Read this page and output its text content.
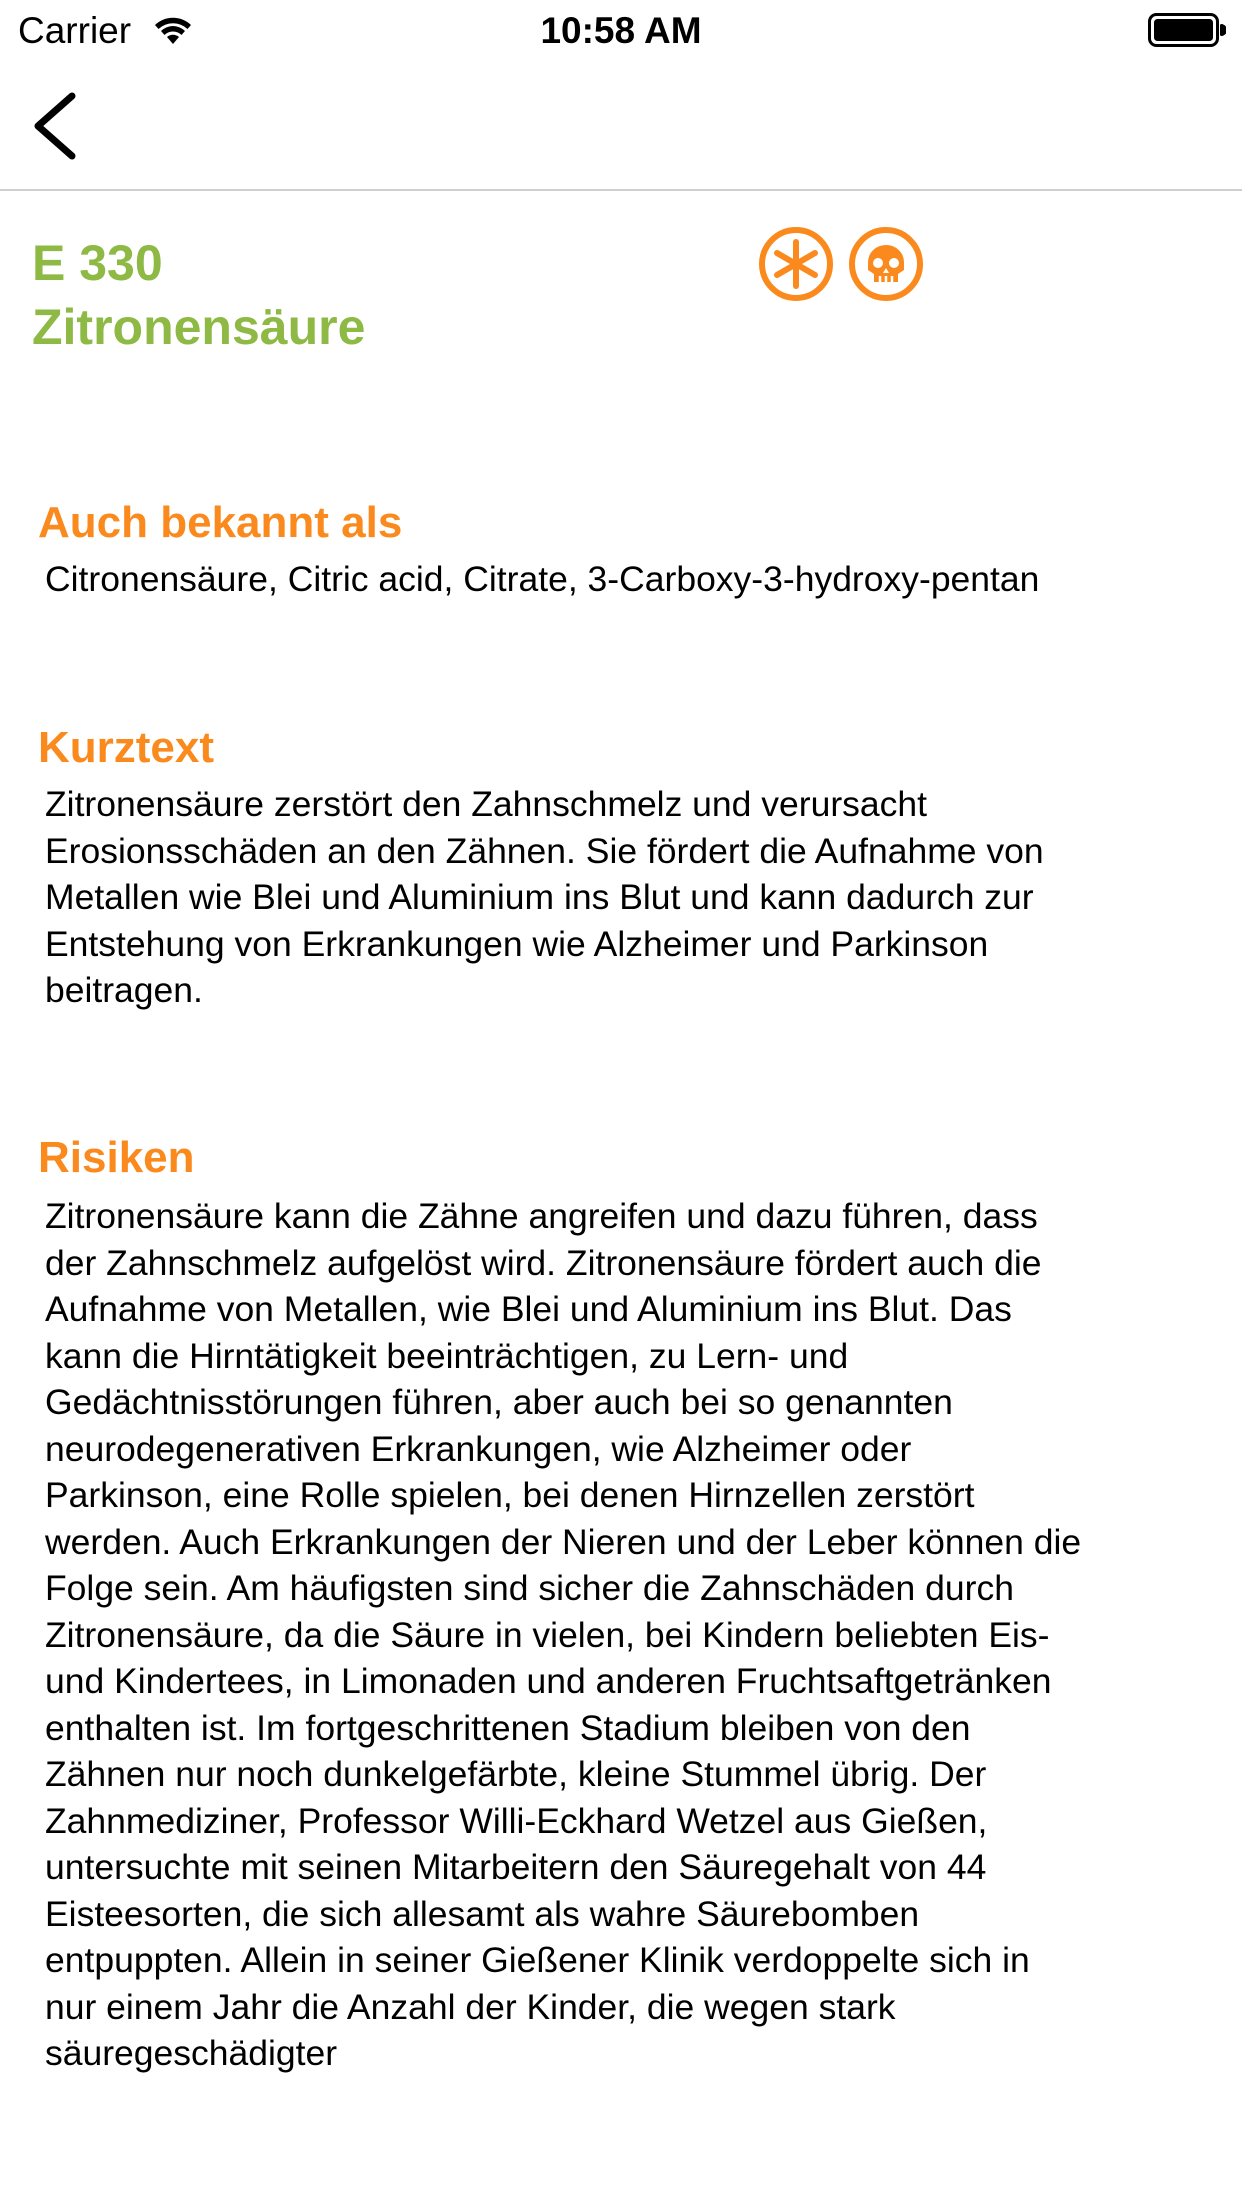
Carrier	10:58 AM
E 330
Zitronensäure
Auch bekannt als

Citronensäure, Citric acid, Citrate, 3-Carboxy-3-hydroxy-pentan

Kurztext

Zitronensäure zerstört den Zahnschmelz und verursacht Erosionsschäden an den Zähnen. Sie fördert die Aufnahme von Metallen wie Blei und Aluminium ins Blut und kann dadurch zur Entstehung von Erkrankungen wie Alzheimer und Parkinson beitragen.

Risiken

Zitronensäure kann die Zähne angreifen und dazu führen, dass der Zahnschmelz aufgelöst wird. Zitronensäure fördert auch die Aufnahme von Metallen, wie Blei und Aluminium ins Blut. Das kann die Hirntätigkeit beeinträchtigen, zu Lern- und Gedächtnisstörungen führen, aber auch bei so genannten neurodegenerativen Erkrankungen, wie Alzheimer oder Parkinson, eine Rolle spielen, bei denen Hirnzellen zerstört werden. Auch Erkrankungen der Nieren und der Leber können die Folge sein. Am häufigsten sind sicher die Zahnschäden durch Zitronensäure, da die Säure in vielen, bei Kindern beliebten Eis- und Kindertees, in Limonaden und anderen Fruchtsaftgetränken enthalten ist. Im fortgeschrittenen Stadium bleiben von den Zähnen nur noch dunkelgefärbte, kleine Stummel übrig. Der Zahnmediziner, Professor Willi-Eckhard Wetzel aus Gießen, untersuchte mit seinen Mitarbeitern den Säuregehalt von 44 Eisteesorten, die sich allesamt als wahre Säurebomben entpuppten. Allein in seiner Gießener Klinik verdoppelte sich in nur einem Jahr die Anzahl der Kinder, die wegen stark säuregeschädigter
